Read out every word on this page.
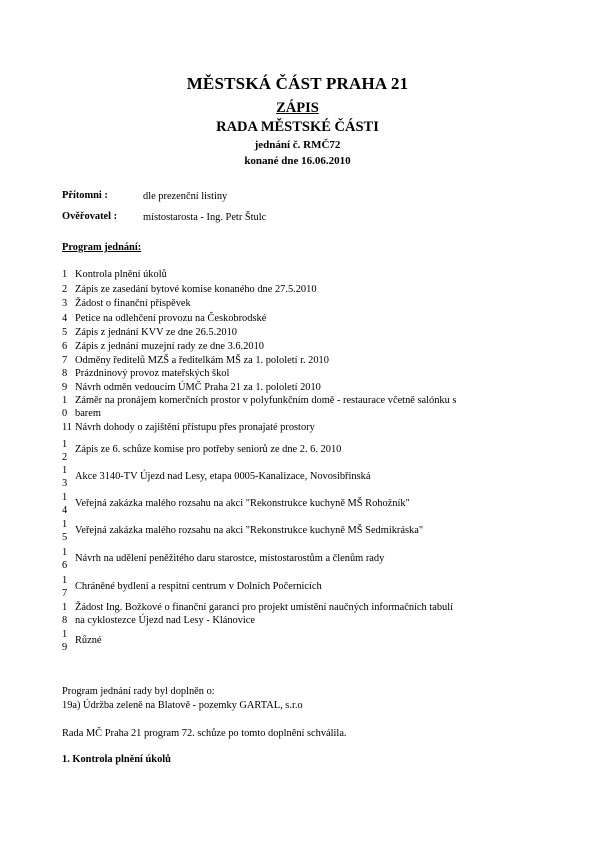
MĚSTSKÁ ČÁST PRAHA 21
ZÁPIS
RADA MĚSTSKÉ ČÁSTI
jednání č. RMČ72
konané dne 16.06.2010
Přítomni :	dle prezenční listiny
Ověřovatel : místostarosta - Ing. Petr Štulc
Program jednání:
1 Kontrola plnění úkolů
2 Zápis ze zasedání bytové komise konaného dne 27.5.2010
3 Žádost o finanční příspěvek
4 Petice na odlehčení provozu na Českobrodské
5 Zápis z jednání KVV ze dne 26.5.2010
6 Zápis z jednání muzejní rady ze dne 3.6.2010
7 Odměny ředitelů MZŠ a ředitelkám MŠ za 1. pololetí r. 2010
8 Prázdninový provoz mateřských škol
9 Návrh odměn vedoucím ÚMČ Praha 21 za 1. pololetí 2010
1
0
Záměr na pronájem komerčních prostor v polyfunkčním domě - restaurace včetně salónku s
barem
11 Návrh dohody o zajištění přístupu přes pronajaté prostory
1
2
Zápis ze 6. schůze komise pro potřeby seniorů ze dne 2. 6. 2010
1
3
Akce 3140-TV Újezd nad Lesy, etapa 0005-Kanalizace, Novosibřinská
1
4
Veřejná zakázka malého rozsahu na akci "Rekonstrukce kuchyně MŠ Rohožník"
1
5
Veřejná zakázka malého rozsahu na akci "Rekonstrukce kuchyně MŠ Sedmikráska"
1
6
Návrh na udělení peněžitého daru starostce, místostarostům a členům rady
1
7
Chráněné bydlení a respitní centrum v Dolních Počernicích
1
8
Žádost Ing. Božkové o finanční garanci pro projekt umístění naučných informačních tabulí
na cyklostezce Újezd nad Lesy - Klánovice
1
9
Různé
Program jednání rady byl doplněn o:
19a) Údržba zeleně na Blatově - pozemky GARTAL, s.r.o
Rada MČ Praha 21 program 72. schůze po tomto doplnění schválila.
1. Kontrola plnění úkolů
